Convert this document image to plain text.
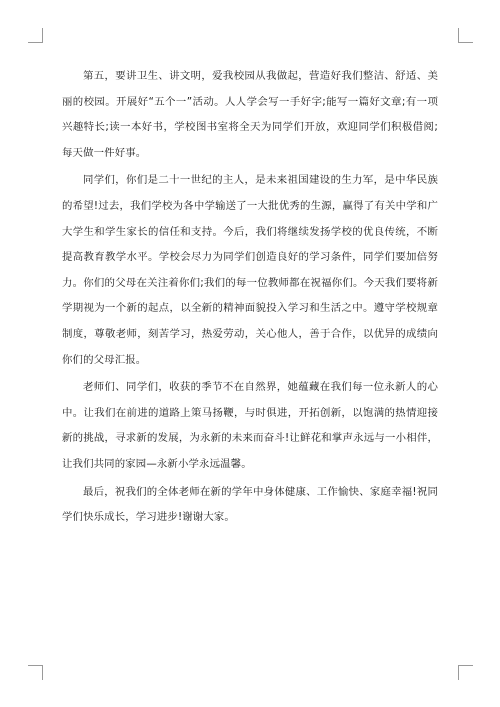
第五，要讲卫生、讲文明，爱我校园从我做起，营造好我们整洁、舒适、美丽的校园。开展好“五个一”活动。人人学会写一手好字;能写一篇好文章;有一项兴趣特长;读一本好书，学校图书室将全天为同学们开放，欢迎同学们积极借阅;每天做一件好事。

同学们，你们是二十一世纪的主人，是未来祖国建设的生力军，是中华民族的希望!过去，我们学校为各中学输送了一大批优秀的生源，赢得了有关中学和广大学生和学生家长的信任和支持。今后，我们将继续发扬学校的优良传统，不断提高教育教学水平。学校会尽力为同学们创造良好的学习条件，同学们要加倍努力。你们的父母在关注着你们;我们的每一位教师都在祝福你们。今天我们要将新学期视为一个新的起点，以全新的精神面貌投入学习和生活之中。遵守学校规章制度，尊敬老师，刻苦学习，热爱劳动，关心他人，善于合作，以优异的成绩向你们的父母汇报。

老师们、同学们，收获的季节不在自然界，她蕴藏在我们每一位永新人的心中。让我们在前进的道路上策马扬鞭，与时俱进，开拓创新，以饱满的热情迎接新的挑战，寻求新的发展，为永新的未来而奋斗!让鲜花和掌声永远与一小相伴，让我们共同的家园—永新小学永远温馨。

最后，祝我们的全体老师在新的学年中身体健康、工作愉快、家庭幸福!祝同学们快乐成长，学习进步!谢谢大家。
